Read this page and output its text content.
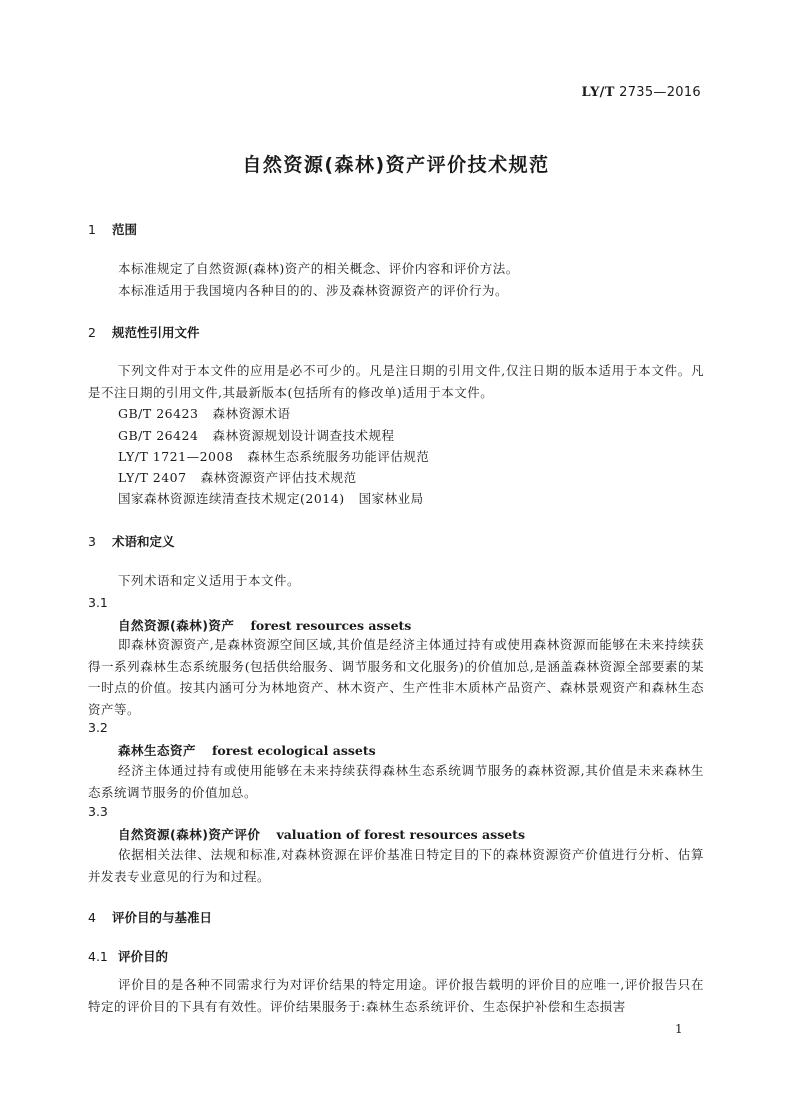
LY/T 2735—2016
自然资源(森林)资产评价技术规范
1 范围
本标准规定了自然资源(森林)资产的相关概念、评价内容和评价方法。
本标准适用于我国境内各种目的的、涉及森林资源资产的评价行为。
2 规范性引用文件
下列文件对于本文件的应用是必不可少的。凡是注日期的引用文件,仅注日期的版本适用于本文件。凡是不注日期的引用文件,其最新版本(包括所有的修改单)适用于本文件。
GB/T 26423 森林资源术语
GB/T 26424 森林资源规划设计调查技术规程
LY/T 1721—2008 森林生态系统服务功能评估规范
LY/T 2407 森林资源资产评估技术规范
国家森林资源连续清查技术规定(2014) 国家林业局
3 术语和定义
下列术语和定义适用于本文件。
3.1
自然资源(森林)资产 forest resources assets
即森林资源资产,是森林资源空间区域,其价值是经济主体通过持有或使用森林资源而能够在未来持续获得一系列森林生态系统服务(包括供给服务、调节服务和文化服务)的价值加总,是涵盖森林资源全部要素的某一时点的价值。按其内涵可分为林地资产、林木资产、生产性非木质林产品资产、森林景观资产和森林生态资产等。
3.2
森林生态资产 forest ecological assets
经济主体通过持有或使用能够在未来持续获得森林生态系统调节服务的森林资源,其价值是未来森林生态系统调节服务的价值加总。
3.3
自然资源(森林)资产评价 valuation of forest resources assets
依据相关法律、法规和标准,对森林资源在评价基准日特定目的下的森林资源资产价值进行分析、估算并发表专业意见的行为和过程。
4 评价目的与基准日
4.1 评价目的
评价目的是各种不同需求行为对评价结果的特定用途。评价报告载明的评价目的应唯一,评价报告只在特定的评价目的下具有有效性。评价结果服务于:森林生态系统评价、生态保护补偿和生态损害
1
